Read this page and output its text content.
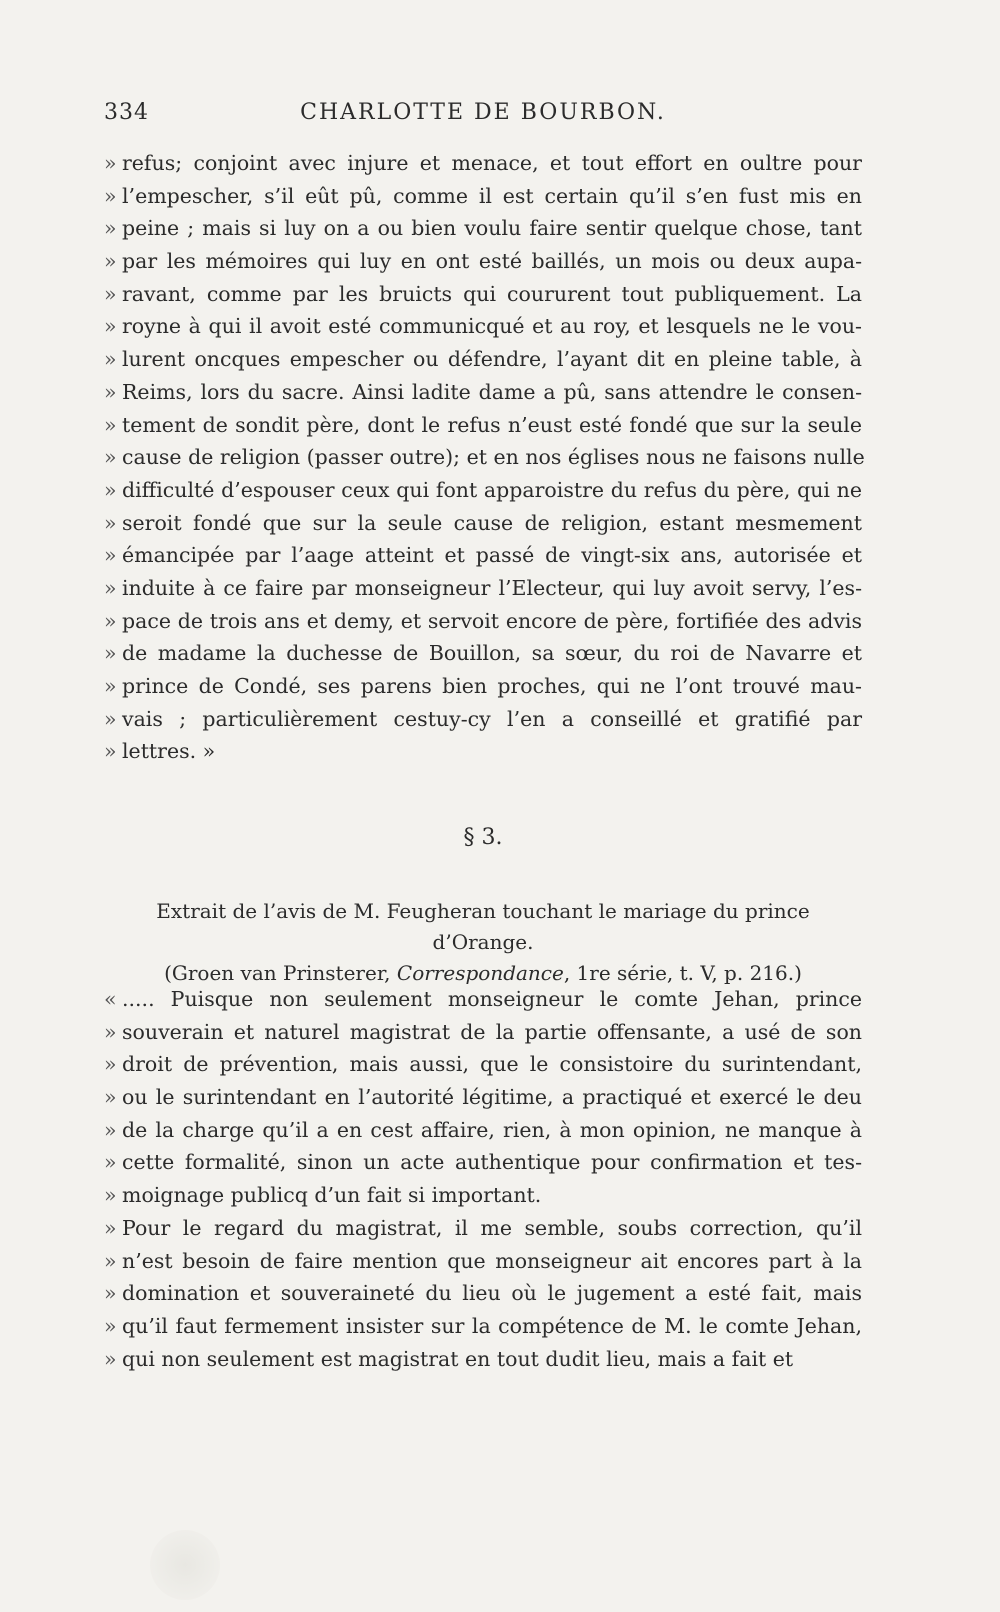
334	CHARLOTTE DE BOURBON.
» refus; conjoint avec injure et menace, et tout effort en oultre pour
» l’empescher, s’il eût pû, comme il est certain qu’il s’en fust mis en
» peine ; mais si luy on a ou bien voulu faire sentir quelque chose, tant
» par les mémoires qui luy en ont esté baillés, un mois ou deux aupa-
» ravant, comme par les bruicts qui coururent tout publiquement. La
» royne à qui il avoit esté communicqué et au roy, et lesquels ne le vou-
» lurent oncques empescher ou défendre, l’ayant dit en pleine table, à
» Reims, lors du sacre. Ainsi ladite dame a pû, sans attendre le consen-
» tement de sondit père, dont le refus n’eust esté fondé que sur la seule
» cause de religion (passer outre); et en nos églises nous ne faisons nulle
» difficulté d’espouser ceux qui font apparoistre du refus du père, qui ne
» seroit fondé que sur la seule cause de religion, estant mesmement
» émancipée par l’aage atteint et passé de vingt-six ans, autorisée et
» induite à ce faire par monseigneur l’Electeur, qui luy avoit servy, l’es-
» pace de trois ans et demy, et servoit encore de père, fortifiée des advis
» de madame la duchesse de Bouillon, sa sœur, du roi de Navarre et
» prince de Condé, ses parens bien proches, qui ne l’ont trouvé mau-
» vais ; particulièrement cestuy-cy l’en a conseillé et gratifié par
» lettres. »
§ 3.
Extrait de l’avis de M. Feugheran touchant le mariage du prince d’Orange.
(Groen van Prinsterer, Correspondance, 1re série, t. V, p. 216.)
« ..... Puisque non seulement monseigneur le comte Jehan, prince
» souverain et naturel magistrat de la partie offensante, a usé de son
» droit de prévention, mais aussi, que le consistoire du surintendant,
» ou le surintendant en l’autorité légitime, a practiqué et exercé le deu
» de la charge qu’il a en cest affaire, rien, à mon opinion, ne manque à
» cette formalité, sinon un acte authentique pour confirmation et tes-
» moignage publicq d’un fait si important.
» Pour le regard du magistrat, il me semble, soubs correction, qu’il
» n’est besoin de faire mention que monseigneur ait encores part à la
» domination et souveraineté du lieu où le jugement a esté fait, mais
» qu’il faut fermement insister sur la compétence de M. le comte Jehan,
» qui non seulement est magistrat en tout dudit lieu, mais a fait et
